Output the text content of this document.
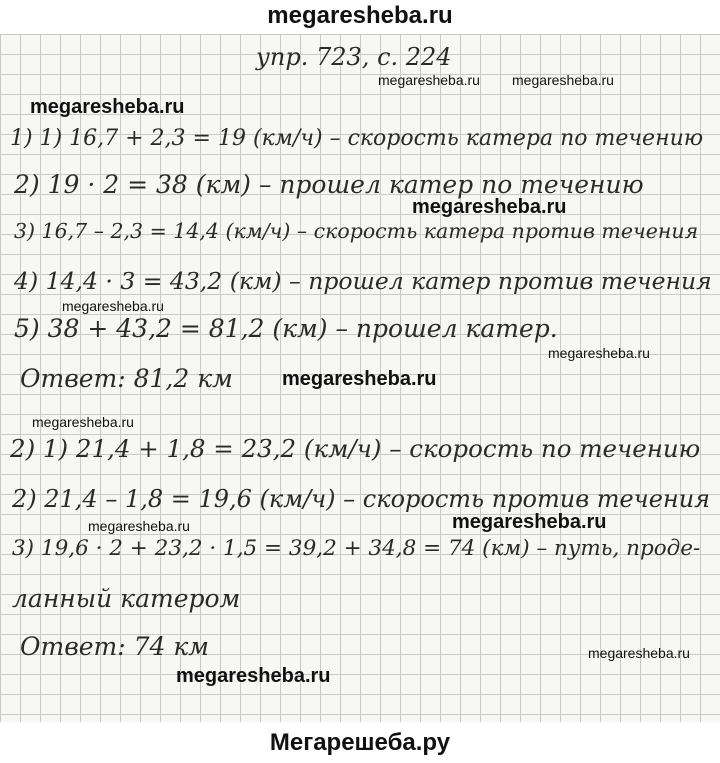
megaresheba.ru
упр. 723, с. 224
1) 1) 16,7 + 2,3 = 19 (км/ч) – скорость катера по течению
2) 19 · 2 = 38 (км) – прошел катер по течению
3) 16,7 – 2,3 = 14,4 (км/ч) – скорость катера против течения
4) 14,4 · 3 = 43,2 (км) – прошел катер против течения
5) 38 + 43,2 = 81,2 (км) – прошел катер.
Ответ: 81,2 км
2) 1) 21,4 + 1,8 = 23,2 (км/ч) – скорость по течению
2) 21,4 – 1,8 = 19,6 (км/ч) – скорость против течения
3) 19,6 · 2 + 23,2 · 1,5 = 39,2 + 34,8 = 74 (км) – путь, проде-
ланный катером
Ответ: 74 км
megaresheba.ru megaresheba.ru
megaresheba.ru
megaresheba.ru
megaresheba.ru
megaresheba.ru
megaresheba.ru
megaresheba.ru
megaresheba.ru	megaresheba.ru
megaresheba.ru
megaresheba.ru
Мегарешеба.ру
